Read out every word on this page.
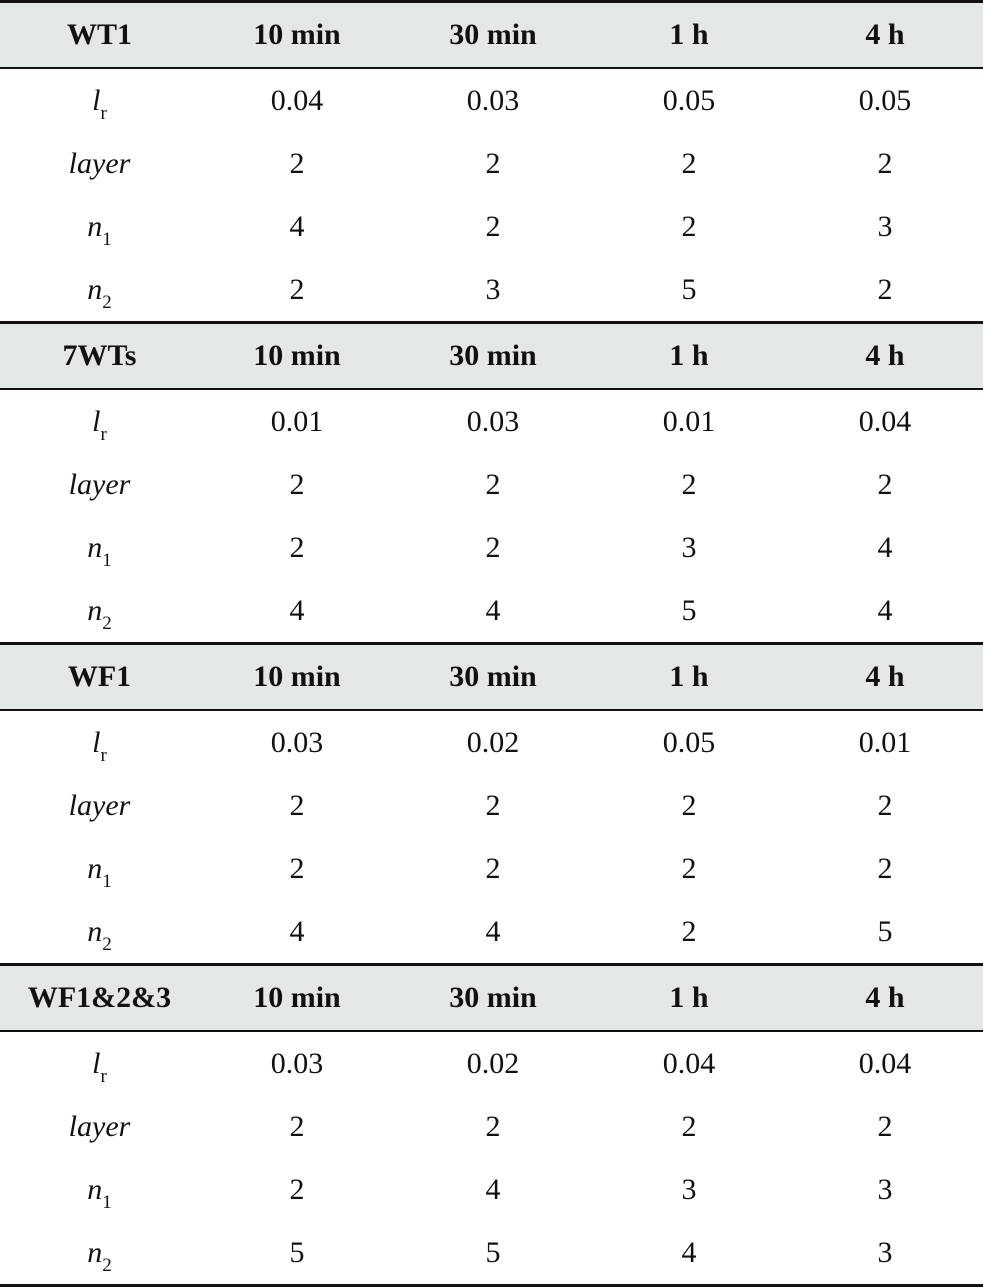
WT1	10 min	30 min	1 h	4 h
$l_r$	0.04	0.03	0.05	0.05
layer	2	2	2	2
$n_1$	4	2	2	3
$n_2$	2	3	5	2
7WTs	10 min	30 min	1 h	4 h
$l_r$	0.01	0.03	0.01	0.04
layer	2	2	2	2
$n_1$	2	2	3	4
$n_2$	4	4	5	4
WF1	10 min	30 min	1 h	4 h
$l_r$	0.03	0.02	0.05	0.01
layer	2	2	2	2
$n_1$	2	2	2	2
$n_2$	4	4	2	5
WF1&2&3	10 min	30 min	1 h	4 h
$l_r$	0.03	0.02	0.04	0.04
layer	2	2	2	2
$n_1$	2	4	3	3
$n_2$	5	5	4	3
